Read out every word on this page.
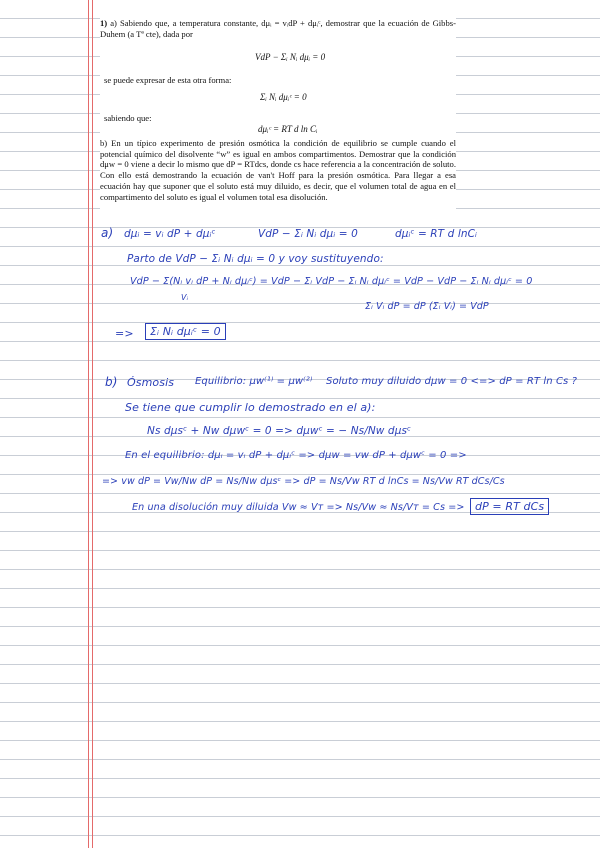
1) a) Sabiendo que, a temperatura constante, dμᵢ = vᵢdP + dμᵢᶜ, demostrar que la ecuación de Gibbs-Duhem (a Tª cte), dada por

VdP − Σᵢ Nᵢ dμᵢ = 0
se puede expresar de esta otra forma:
Σᵢ Nᵢ dμᵢᶜ = 0
sabiendo que:
dμᵢᶜ = RT d ln Cᵢ

b) En un típico experimento de presión osmótica la condición de equilibrio se cumple cuando el potencial químico del disolvente “w” es igual en ambos compartimentos. Demostrar que la condición dμw = 0 viene a decir lo mismo que dP = RTdcs, donde cs hace referencia a la concentración de soluto. Con ello está demostrando la ecuación de van't Hoff para la presión osmótica. Para llegar a esa ecuación hay que suponer que el soluto está muy diluido, es decir, que el volumen total de agua en el compartimento del soluto es igual el volumen total esa disolución.

a) dμᵢ = vᵢ dP + dμᵢᶜ	VdP − Σᵢ Nᵢ dμᵢ = 0	dμᵢᶜ = RT d lnCᵢ
Parto de VdP − Σᵢ Nᵢ dμᵢ = 0 y voy sustituyendo:
VdP − Σ(Nᵢ vᵢ dP + Nᵢ dμᵢᶜ) = VdP − Σᵢ VdP − Σᵢ Nᵢ dμᵢᶜ = VdP − VdP − Σᵢ Nᵢ dμᵢᶜ = 0
Vᵢ
Σᵢ Vᵢ dP = dP (Σᵢ Vᵢ) = VdP
=>	Σᵢ Nᵢ dμᵢᶜ = 0
b) Ósmosis Equilibrio: μw⁽¹⁾ = μw⁽²⁾ Soluto muy diluido dμw = 0 <=> dP = RT ln Cs ?
Se tiene que cumplir lo demostrado en el a):
Ns dμsᶜ + Nw dμwᶜ = 0 => dμwᶜ = − Ns/Nw dμsᶜ
En el equilibrio: dμᵢ = vᵢ dP + dμᵢᶜ => dμw = vw dP + dμwᶜ = 0 =>
=> vw dP = Vw/Nw dP = Ns/Nw dμsᶜ => dP = Ns/Vw RT d lnCs = Ns/Vw RT dCs/Cs
En una disolución muy diluida Vw ≈ Vт => Ns/Vw ≈ Ns/Vт = Cs => dP = RT dCs
